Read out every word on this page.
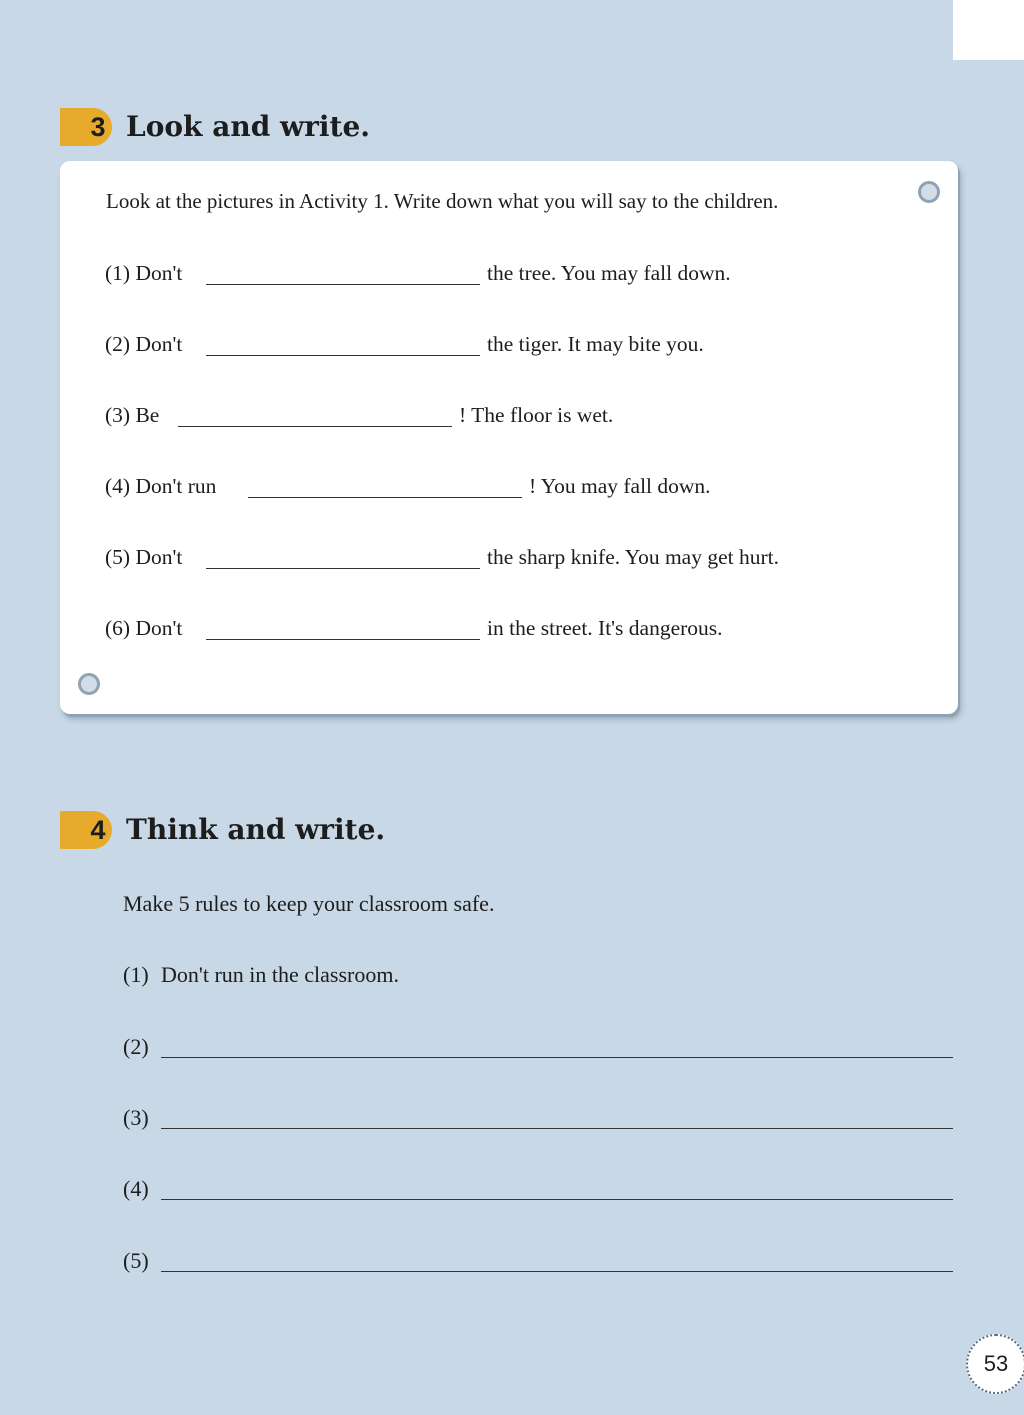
3 Look and write.
Look at the pictures in Activity 1. Write down what you will say to the children.
(1) Don't	the tree. You may fall down.
(2) Don't	the tiger. It may bite you.
(3) Be	! The floor is wet.
(4) Don't run	! You may fall down.
(5) Don't	the sharp knife. You may get hurt.
(6) Don't	in the street. It's dangerous.
4 Think and write.
Make 5 rules to keep your classroom safe.
(1) Don't run in the classroom.
(2)
(3)
(4)
(5)
53
